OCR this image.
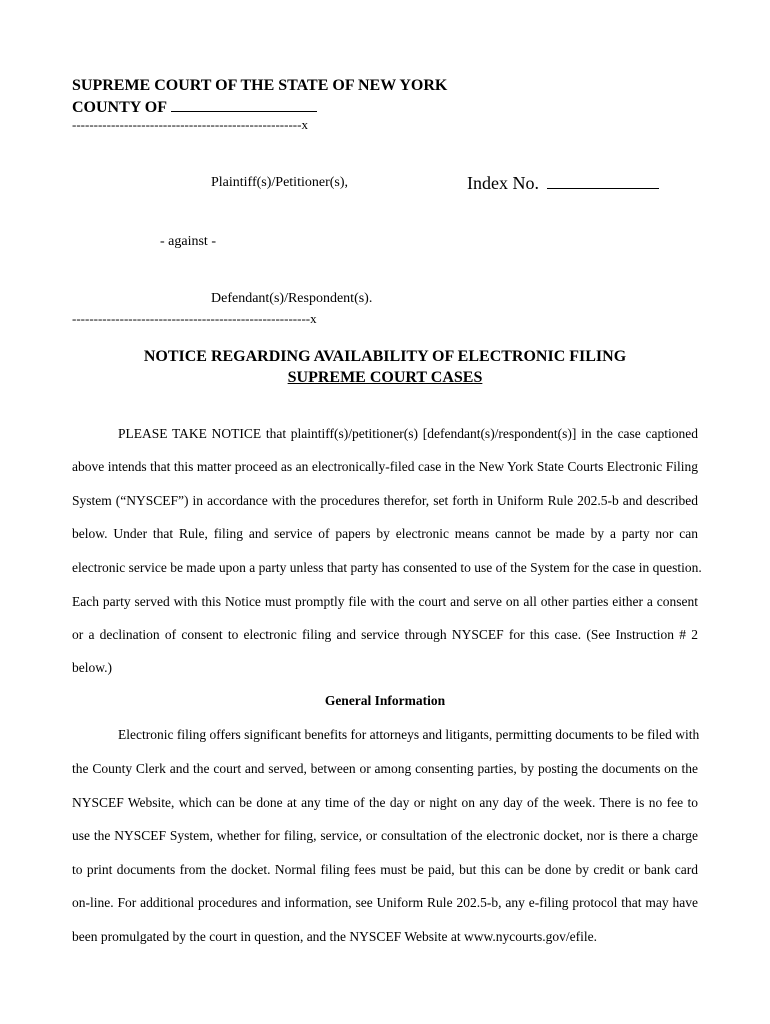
SUPREME COURT OF THE STATE OF NEW YORK
COUNTY OF
-----------------------------------------------------x
Plaintiff(s)/Petitioner(s),	Index No.
- against -
Defendant(s)/Respondent(s).
-------------------------------------------------------x
NOTICE REGARDING AVAILABILITY OF ELECTRONIC FILING
SUPREME COURT CASES
PLEASE TAKE NOTICE that plaintiff(s)/petitioner(s) [defendant(s)/respondent(s)] in the case captioned
above intends that this matter proceed as an electronically-filed case in the New York State Courts Electronic Filing
System (“NYSCEF”) in accordance with the procedures therefor, set forth in Uniform Rule 202.5-b and described
below. Under that Rule, filing and service of papers by electronic means cannot be made by a party nor can
electronic service be made upon a party unless that party has consented to use of the System for the case in question.
Each party served with this Notice must promptly file with the court and serve on all other parties either a consent
or a declination of consent to electronic filing and service through NYSCEF for this case. (See Instruction # 2
below.)
General Information
Electronic filing offers significant benefits for attorneys and litigants, permitting documents to be filed with
the County Clerk and the court and served, between or among consenting parties, by posting the documents on the
NYSCEF Website, which can be done at any time of the day or night on any day of the week. There is no fee to
use the NYSCEF System, whether for filing, service, or consultation of the electronic docket, nor is there a charge
to print documents from the docket. Normal filing fees must be paid, but this can be done by credit or bank card
on-line. For additional procedures and information, see Uniform Rule 202.5-b, any e-filing protocol that may have
been promulgated by the court in question, and the NYSCEF Website at www.nycourts.gov/efile.
